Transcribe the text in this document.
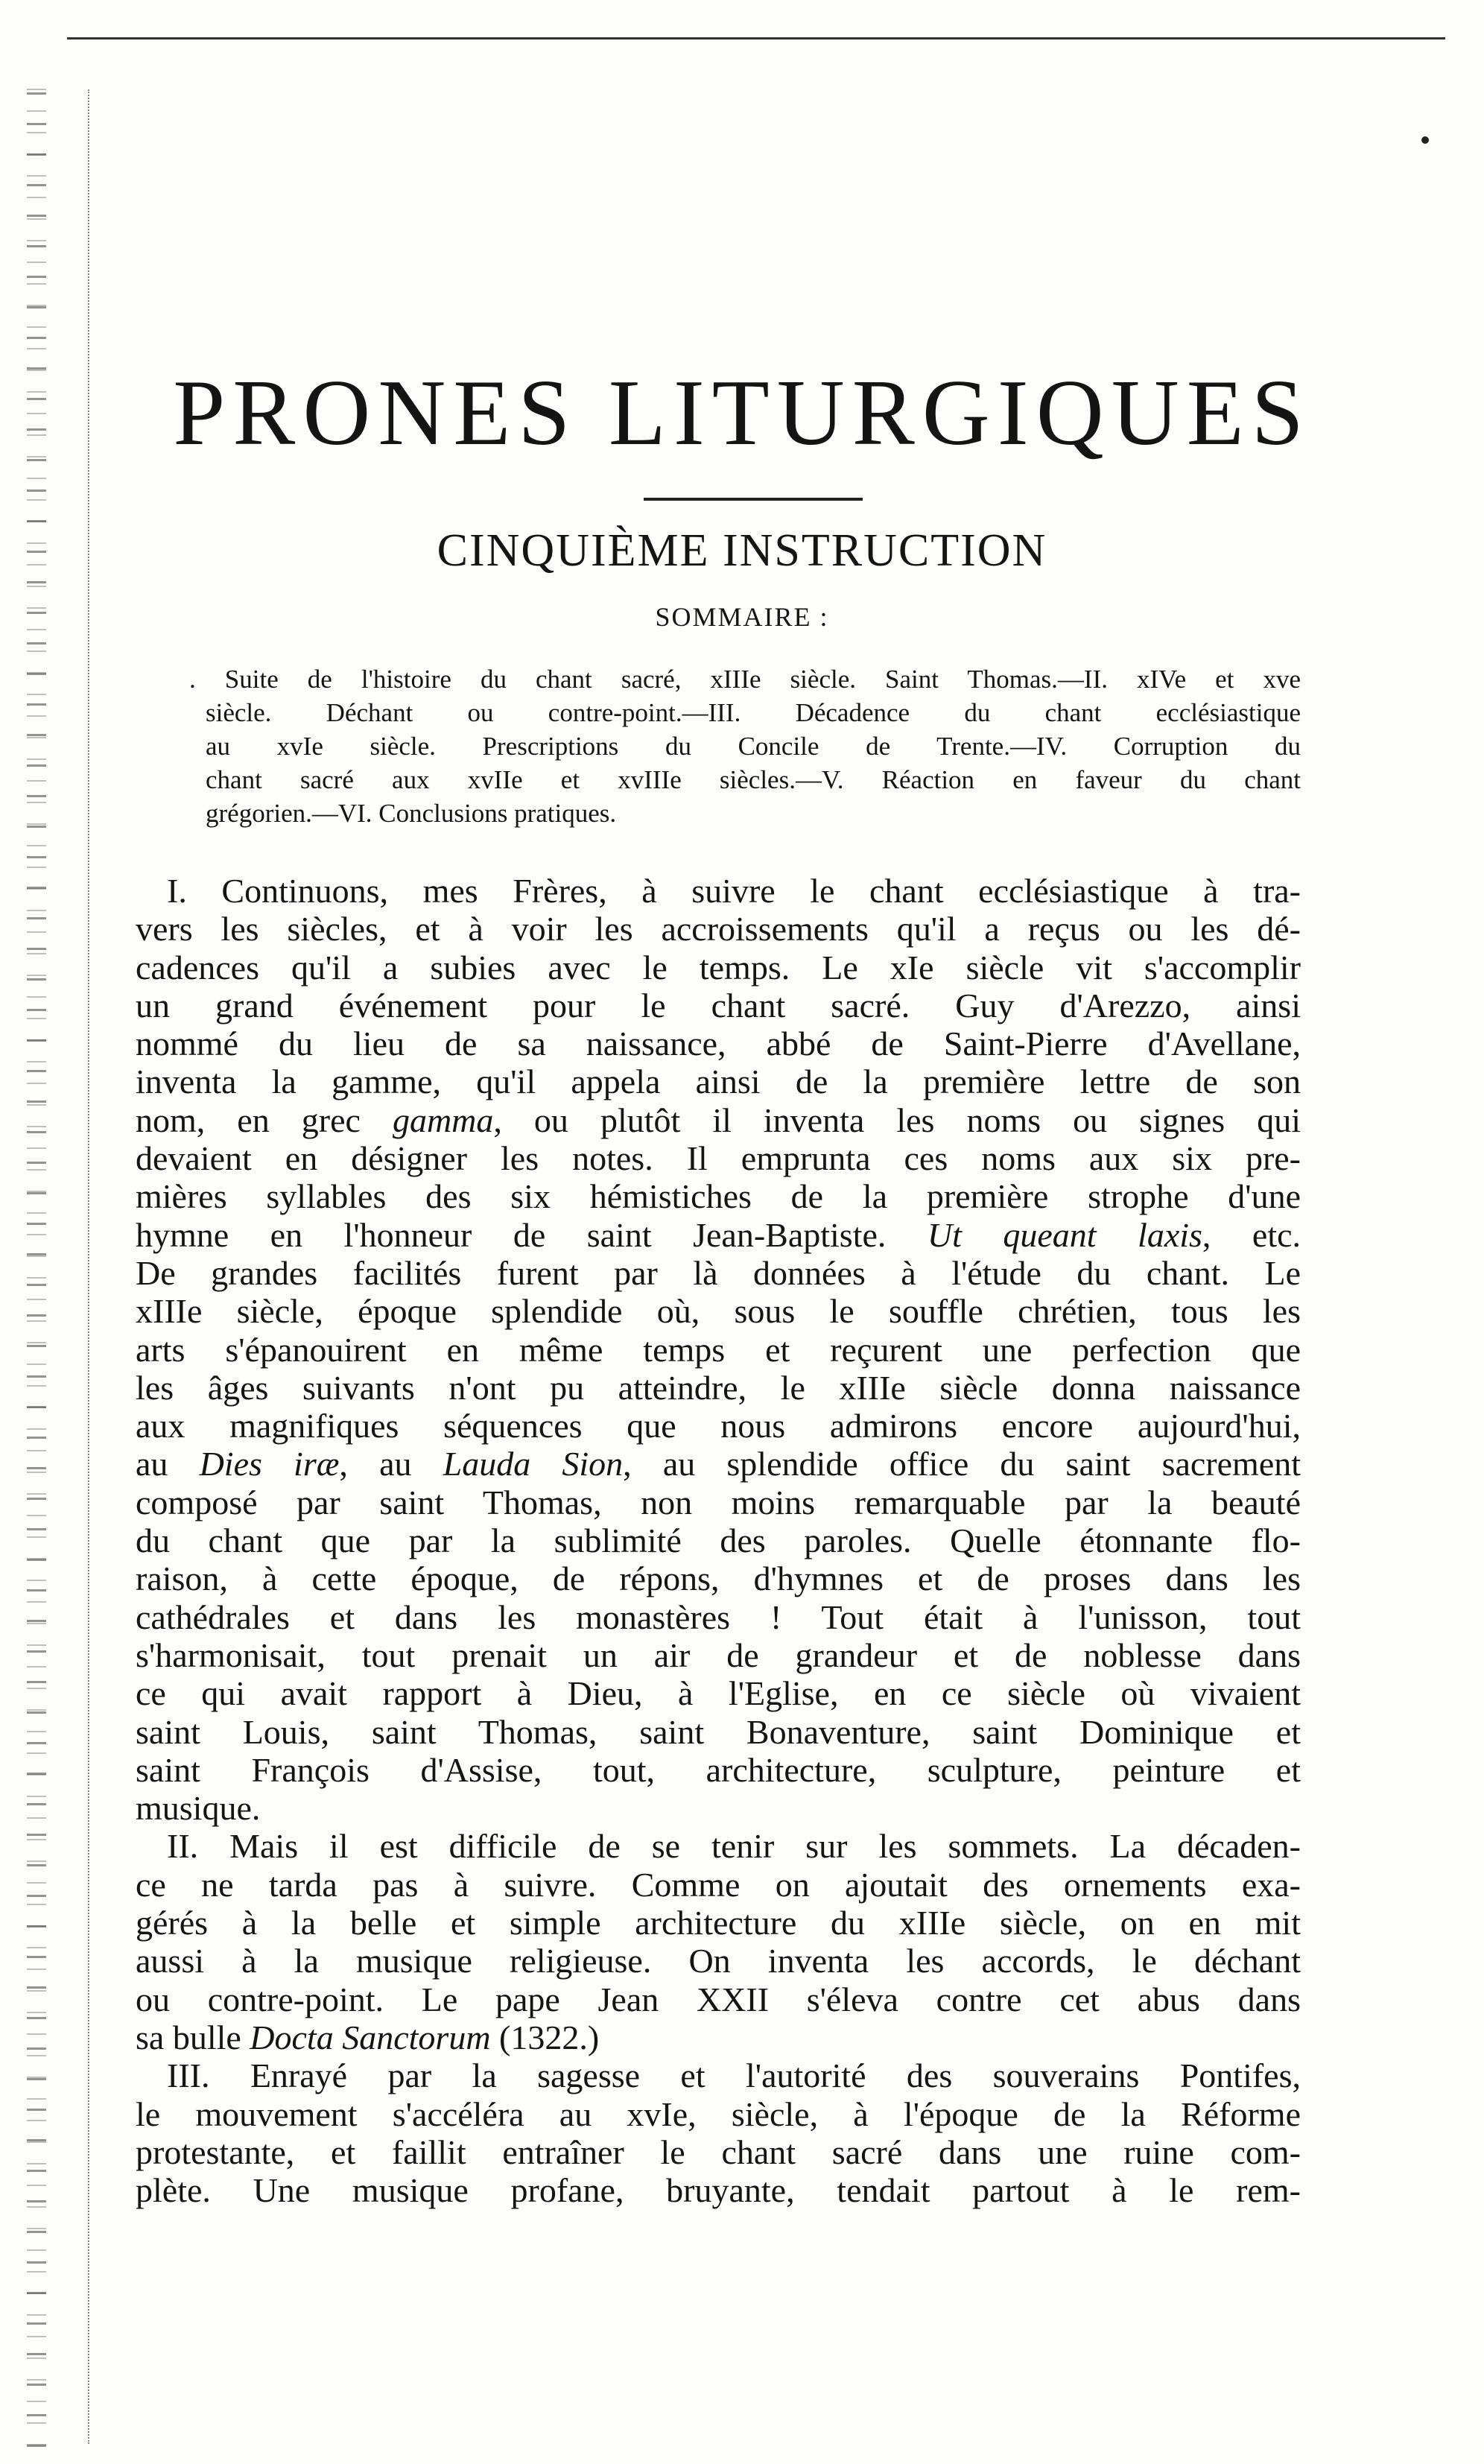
PRONES LITURGIQUES
CINQUIÈME INSTRUCTION
SOMMAIRE :
. Suite de l'histoire du chant sacré, xIIIe siècle. Saint Thomas.—II. xIVe et xve
siècle. Déchant ou contre-point.—III. Décadence du chant ecclésiastique
au xvIe siècle. Prescriptions du Concile de Trente.—IV. Corruption du
chant sacré aux xvIIe et xvIIIe siècles.—V. Réaction en faveur du chant
grégorien.—VI. Conclusions pratiques.
I. Continuons, mes Frères, à suivre le chant ecclésiastique à tra-
vers les siècles, et à voir les accroissements qu'il a reçus ou les dé-
cadences qu'il a subies avec le temps. Le xIe siècle vit s'accomplir
un grand événement pour le chant sacré. Guy d'Arezzo, ainsi
nommé du lieu de sa naissance, abbé de Saint-Pierre d'Avellane,
inventa la gamme, qu'il appela ainsi de la première lettre de son
nom, en grec gamma, ou plutôt il inventa les noms ou signes qui
devaient en désigner les notes. Il emprunta ces noms aux six pre-
mières syllables des six hémistiches de la première strophe d'une
hymne en l'honneur de saint Jean-Baptiste. Ut queant laxis, etc.
De grandes facilités furent par là données à l'étude du chant. Le
xIIIe siècle, époque splendide où, sous le souffle chrétien, tous les
arts s'épanouirent en même temps et reçurent une perfection que
les âges suivants n'ont pu atteindre, le xIIIe siècle donna naissance
aux magnifiques séquences que nous admirons encore aujourd'hui,
au Dies iræ, au Lauda Sion, au splendide office du saint sacrement
composé par saint Thomas, non moins remarquable par la beauté
du chant que par la sublimité des paroles. Quelle étonnante flo-
raison, à cette époque, de répons, d'hymnes et de proses dans les
cathédrales et dans les monastères ! Tout était à l'unisson, tout
s'harmonisait, tout prenait un air de grandeur et de noblesse dans
ce qui avait rapport à Dieu, à l'Eglise, en ce siècle où vivaient
saint Louis, saint Thomas, saint Bonaventure, saint Dominique et
saint François d'Assise, tout, architecture, sculpture, peinture et
musique.
II. Mais il est difficile de se tenir sur les sommets. La décaden-
ce ne tarda pas à suivre. Comme on ajoutait des ornements exa-
gérés à la belle et simple architecture du xIIIe siècle, on en mit
aussi à la musique religieuse. On inventa les accords, le déchant
ou contre-point. Le pape Jean XXII s'éleva contre cet abus dans
sa bulle Docta Sanctorum (1322.)
III. Enrayé par la sagesse et l'autorité des souverains Pontifes,
le mouvement s'accéléra au xvIe, siècle, à l'époque de la Réforme
protestante, et faillit entraîner le chant sacré dans une ruine com-
plète. Une musique profane, bruyante, tendait partout à le rem-
